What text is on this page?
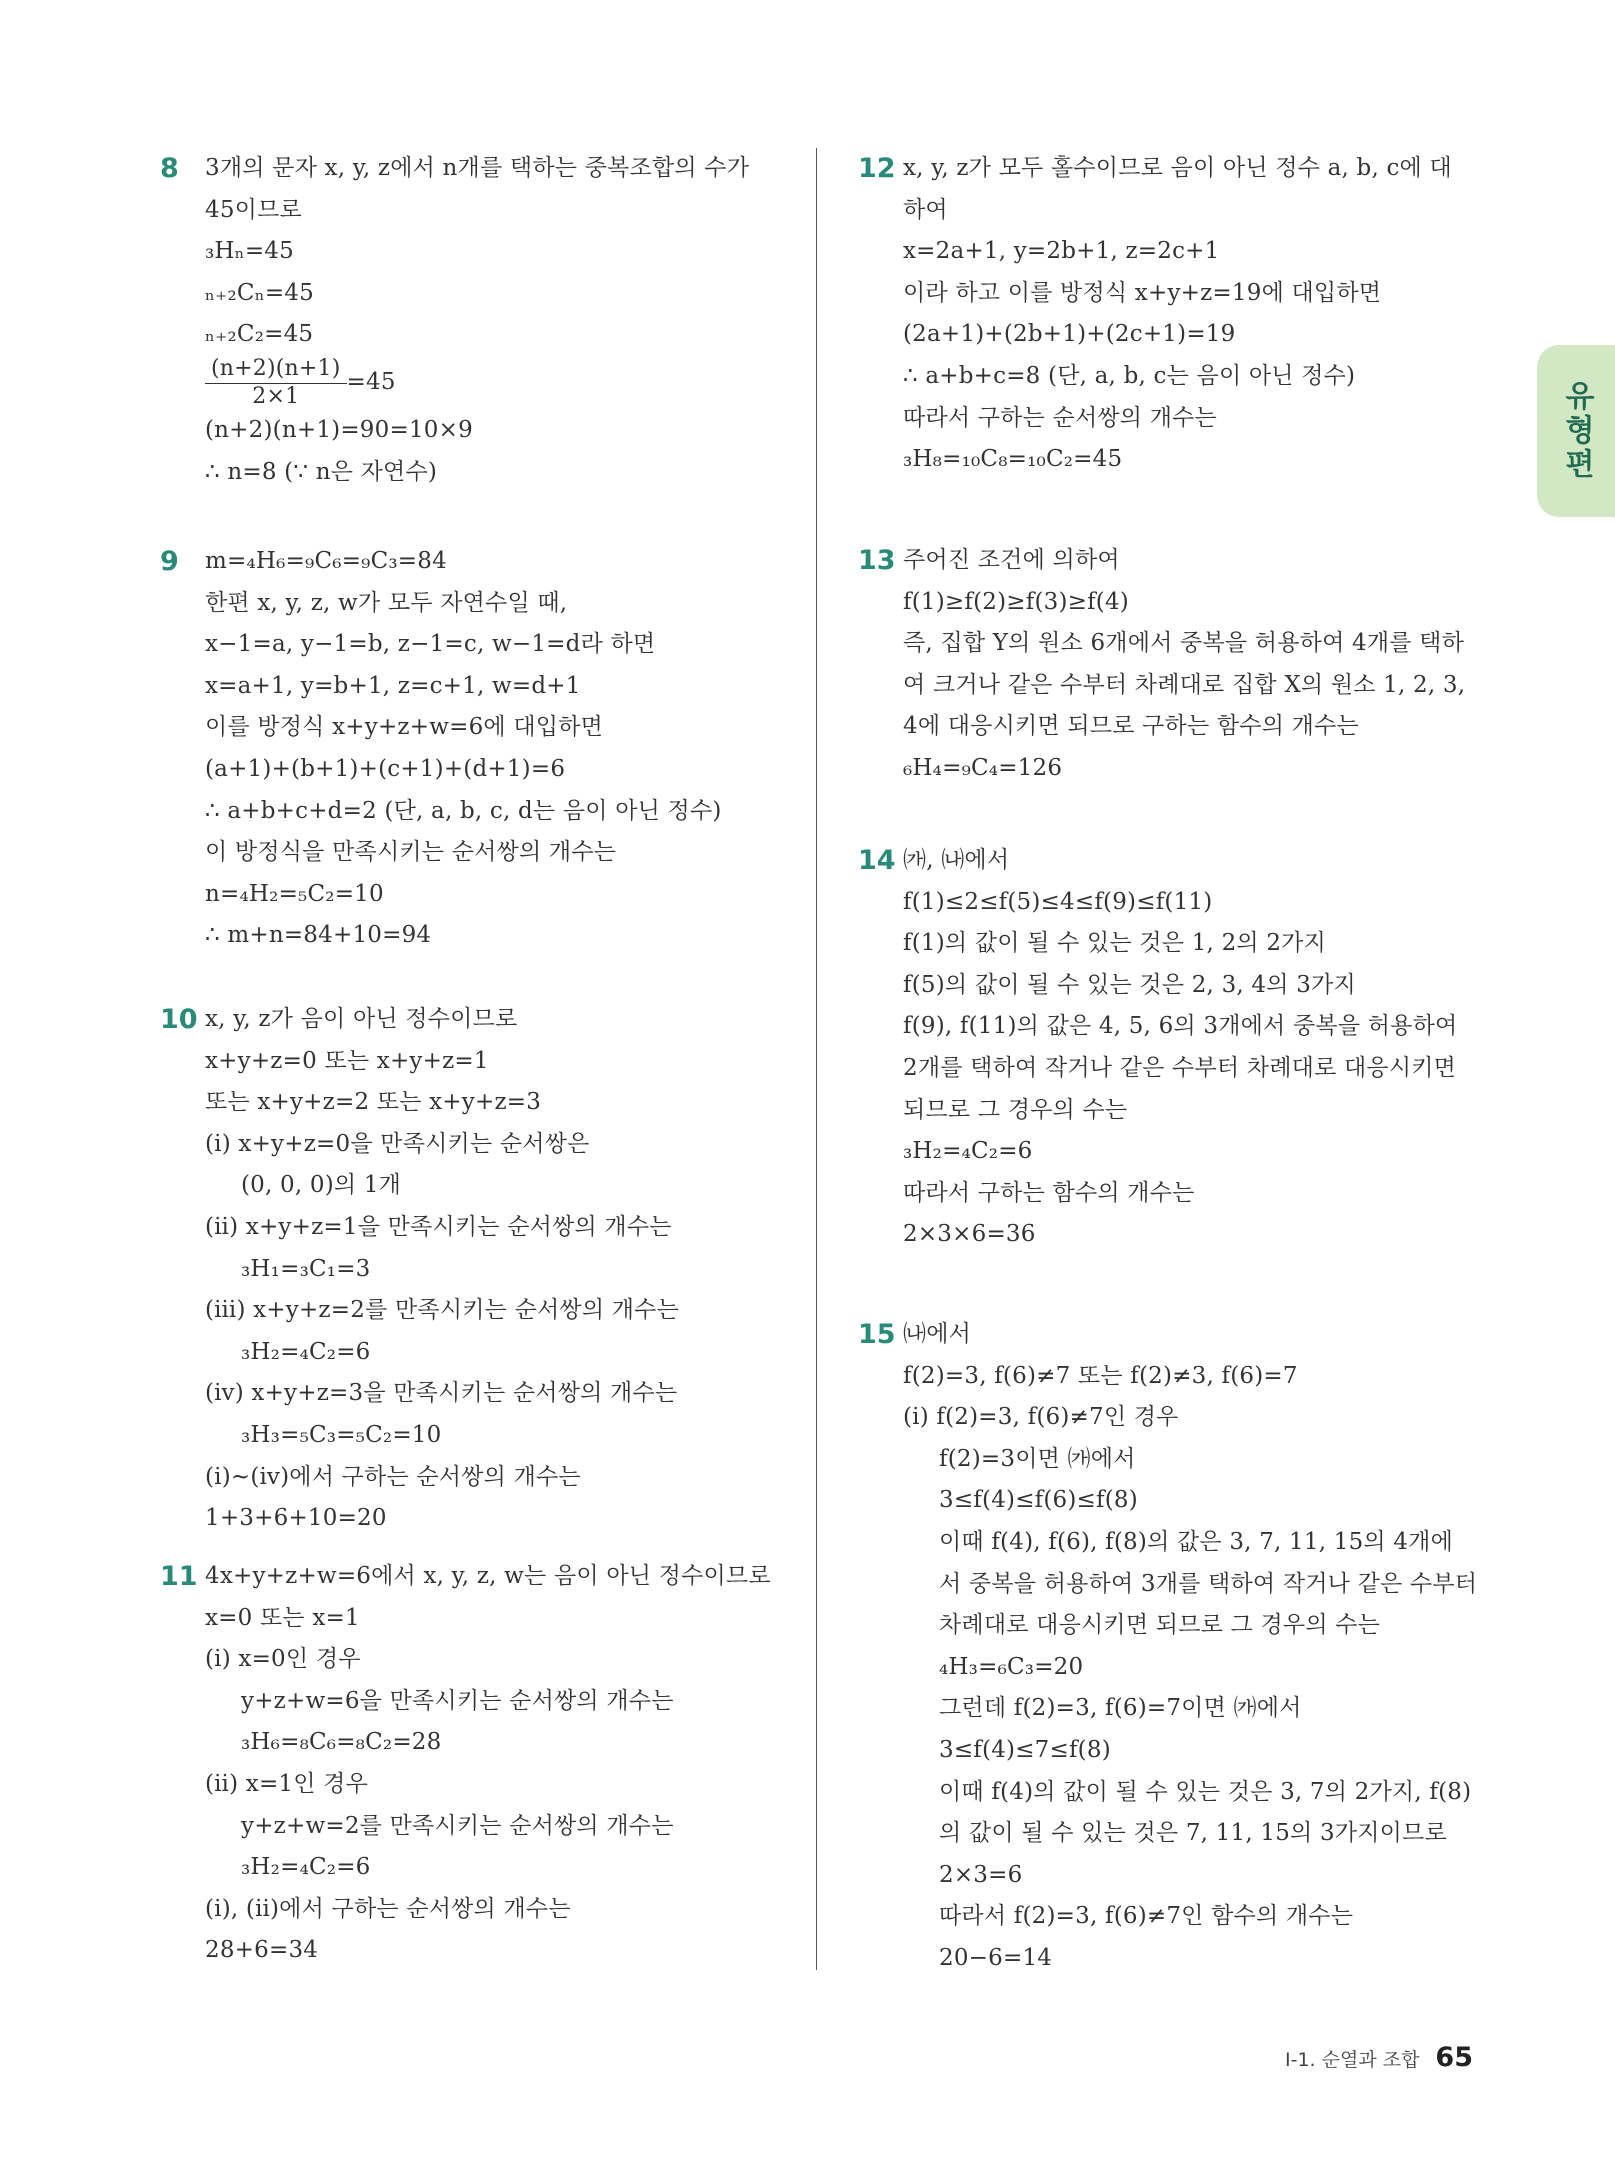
8 3개의 문자 x, y, z에서 n개를 택하는 중복조합의 수가
45이므로
₃Hₙ=45
ₙ₊₂Cₙ=45
ₙ₊₂C₂=45
$\frac{(n+2)(n+1)}{2\times 1} =45$
(n+2)(n+1)=90=10×9
∴ n=8 (∵ n은 자연수)
9 m=₄H₆=₉C₆=₉C₃=84
한편 x, y, z, w가 모두 자연수일 때,
x−1=a, y−1=b, z−1=c, w−1=d라 하면
x=a+1, y=b+1, z=c+1, w=d+1
이를 방정식 x+y+z+w=6에 대입하면
(a+1)+(b+1)+(c+1)+(d+1)=6
∴ a+b+c+d=2 (단, a, b, c, d는 음이 아닌 정수)
이 방정식을 만족시키는 순서쌍의 개수는
n=₄H₂=₅C₂=10
∴ m+n=84+10=94
10 x, y, z가 음이 아닌 정수이므로
x+y+z=0 또는 x+y+z=1
또는 x+y+z=2 또는 x+y+z=3
(ⅰ) x+y+z=0을 만족시키는 순서쌍은
(0, 0, 0)의 1개
(ⅱ) x+y+z=1을 만족시키는 순서쌍의 개수는
₃H₁=₃C₁=3
(ⅲ) x+y+z=2를 만족시키는 순서쌍의 개수는
₃H₂=₄C₂=6
(ⅳ) x+y+z=3을 만족시키는 순서쌍의 개수는
₃H₃=₅C₃=₅C₂=10
(ⅰ)~(ⅳ)에서 구하는 순서쌍의 개수는
1+3+6+10=20
11 4x+y+z+w=6에서 x, y, z, w는 음이 아닌 정수이므로
x=0 또는 x=1
(ⅰ) x=0인 경우
y+z+w=6을 만족시키는 순서쌍의 개수는
₃H₆=₈C₆=₈C₂=28
(ⅱ) x=1인 경우
y+z+w=2를 만족시키는 순서쌍의 개수는
₃H₂=₄C₂=6
(ⅰ), (ⅱ)에서 구하는 순서쌍의 개수는
28+6=34
12 x, y, z가 모두 홀수이므로 음이 아닌 정수 a, b, c에 대
하여
x=2a+1, y=2b+1, z=2c+1
이라 하고 이를 방정식 x+y+z=19에 대입하면
(2a+1)+(2b+1)+(2c+1)=19
∴ a+b+c=8 (단, a, b, c는 음이 아닌 정수)
따라서 구하는 순서쌍의 개수는
₃H₈=₁₀C₈=₁₀C₂=45
13 주어진 조건에 의하여
f(1)≥f(2)≥f(3)≥f(4)
즉, 집합 Y의 원소 6개에서 중복을 허용하여 4개를 택하
여 크거나 같은 수부터 차례대로 집합 X의 원소 1, 2, 3,
4에 대응시키면 되므로 구하는 함수의 개수는
₆H₄=₉C₄=126
14 ㈎, ㈏에서
f(1)≤2≤f(5)≤4≤f(9)≤f(11)
f(1)의 값이 될 수 있는 것은 1, 2의 2가지
f(5)의 값이 될 수 있는 것은 2, 3, 4의 3가지
f(9), f(11)의 값은 4, 5, 6의 3개에서 중복을 허용하여
2개를 택하여 작거나 같은 수부터 차례대로 대응시키면
되므로 그 경우의 수는
₃H₂=₄C₂=6
따라서 구하는 함수의 개수는
2×3×6=36
15 ㈏에서
f(2)=3, f(6)≠7 또는 f(2)≠3, f(6)=7
(ⅰ) f(2)=3, f(6)≠7인 경우
f(2)=3이면 ㈎에서
3≤f(4)≤f(6)≤f(8)
이때 f(4), f(6), f(8)의 값은 3, 7, 11, 15의 4개에
서 중복을 허용하여 3개를 택하여 작거나 같은 수부터
차례대로 대응시키면 되므로 그 경우의 수는
₄H₃=₆C₃=20
그런데 f(2)=3, f(6)=7이면 ㈎에서
3≤f(4)≤7≤f(8)
이때 f(4)의 값이 될 수 있는 것은 3, 7의 2가지, f(8)
의 값이 될 수 있는 것은 7, 11, 15의 3가지이므로
2×3=6
따라서 f(2)=3, f(6)≠7인 함수의 개수는
20−6=14
유형편
Ⅰ-1. 순열과 조합 65
